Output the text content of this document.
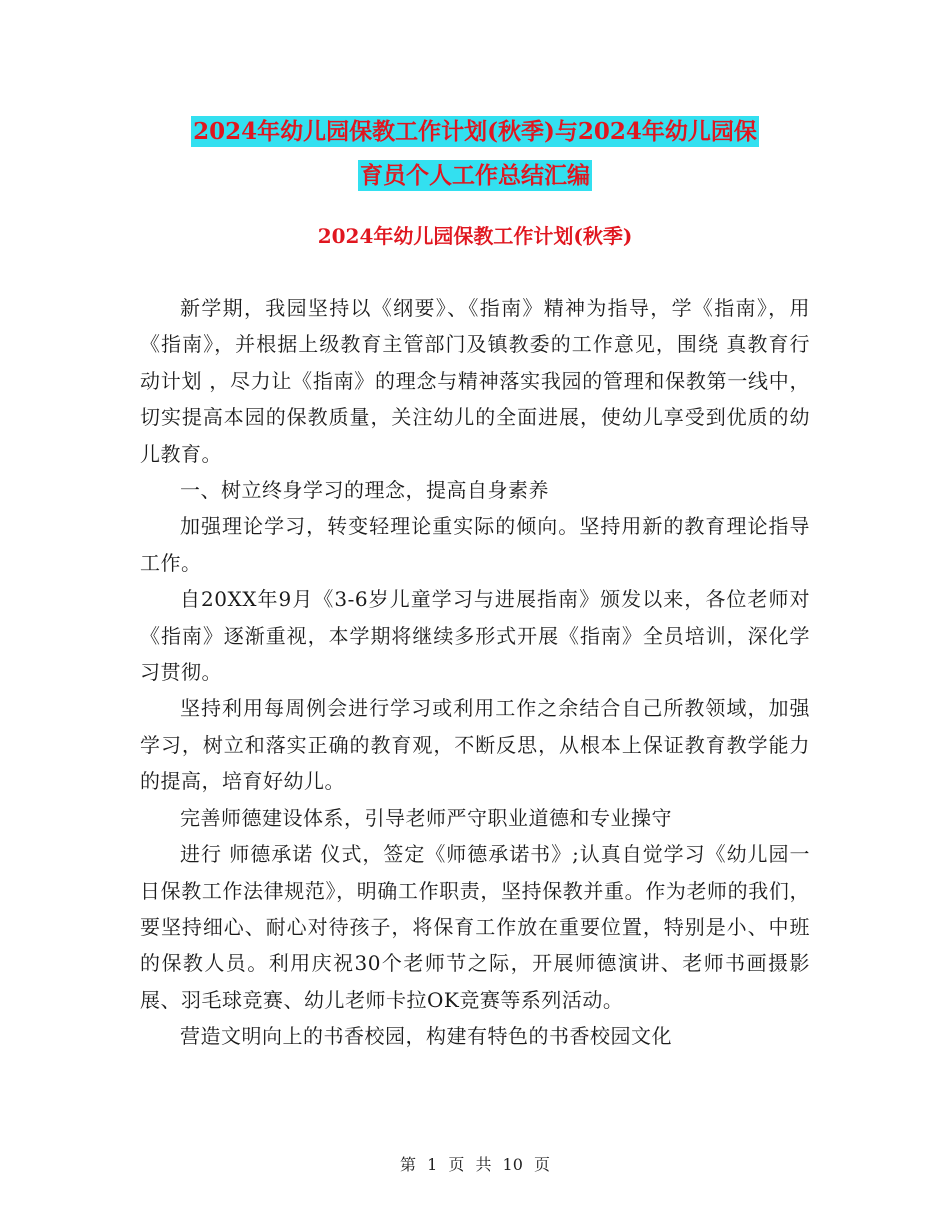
2024年幼儿园保教工作计划(秋季)与2024年幼儿园保
育员个人工作总结汇编
2024年幼儿园保教工作计划(秋季)

新学期，我园坚持以《纲要》、《指南》精神为指导，学《指南》，用《指南》，并根据上级教育主管部门及镇教委的工作意见，围绕 真教育行动计划 ，尽力让《指南》的理念与精神落实我园的管理和保教第一线中，切实提高本园的保教质量，关注幼儿的全面进展，使幼儿享受到优质的幼儿教育。

一、树立终身学习的理念，提高自身素养

加强理论学习，转变轻理论重实际的倾向。坚持用新的教育理论指导工作。

自20XX年9月《3-6岁儿童学习与进展指南》颁发以来，各位老师对《指南》逐渐重视，本学期将继续多形式开展《指南》全员培训，深化学习贯彻。

坚持利用每周例会进行学习或利用工作之余结合自己所教领域，加强学习，树立和落实正确的教育观，不断反思，从根本上保证教育教学能力的提高，培育好幼儿。

完善师德建设体系，引导老师严守职业道德和专业操守

进行 师德承诺 仪式，签定《师德承诺书》;认真自觉学习《幼儿园一日保教工作法律规范》，明确工作职责，坚持保教并重。作为老师的我们，要坚持细心、耐心对待孩子，将保育工作放在重要位置，特别是小、中班的保教人员。利用庆祝30个老师节之际，开展师德演讲、老师书画摄影展、羽毛球竞赛、幼儿老师卡拉OK竞赛等系列活动。

营造文明向上的书香校园，构建有特色的书香校园文化

第 1 页 共 10 页
